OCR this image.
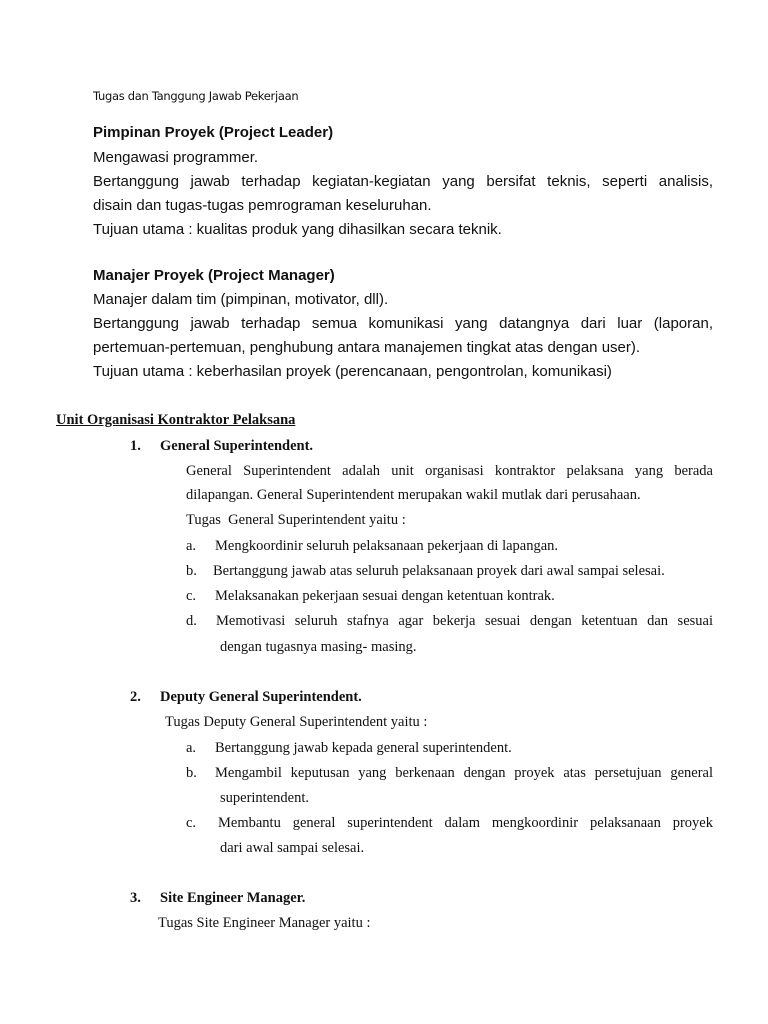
Tugas dan Tanggung Jawab Pekerjaan
Pimpinan Proyek (Project Leader)
Mengawasi programmer.
Bertanggung jawab terhadap kegiatan-kegiatan yang bersifat teknis, seperti analisis,
disain dan tugas-tugas pemrograman keseluruhan.
Tujuan utama : kualitas produk yang dihasilkan secara teknik.
Manajer Proyek (Project Manager)
Manajer dalam tim (pimpinan, motivator, dll).
Bertanggung jawab terhadap semua komunikasi yang datangnya dari luar (laporan,
pertemuan-pertemuan, penghubung antara manajemen tingkat atas dengan user).
Tujuan utama : keberhasilan proyek (perencanaan, pengontrolan, komunikasi)
Unit Organisasi Kontraktor Pelaksana
1. General Superintendent.
General Superintendent adalah unit organisasi kontraktor pelaksana yang berada
dilapangan. General Superintendent merupakan wakil mutlak dari perusahaan.
Tugas  General Superintendent yaitu :
a. Mengkoordinir seluruh pelaksanaan pekerjaan di lapangan.
b. Bertanggung jawab atas seluruh pelaksanaan proyek dari awal sampai selesai.
c. Melaksanakan pekerjaan sesuai dengan ketentuan kontrak.
d. Memotivasi seluruh stafnya agar bekerja sesuai dengan ketentuan dan sesuai
dengan tugasnya masing- masing.
2. Deputy General Superintendent.
Tugas Deputy General Superintendent yaitu :
a. Bertanggung jawab kepada general superintendent.
b. Mengambil keputusan yang berkenaan dengan proyek atas persetujuan general
superintendent.
c. Membantu general superintendent dalam mengkoordinir pelaksanaan proyek
dari awal sampai selesai.
3. Site Engineer Manager.
Tugas Site Engineer Manager yaitu :
